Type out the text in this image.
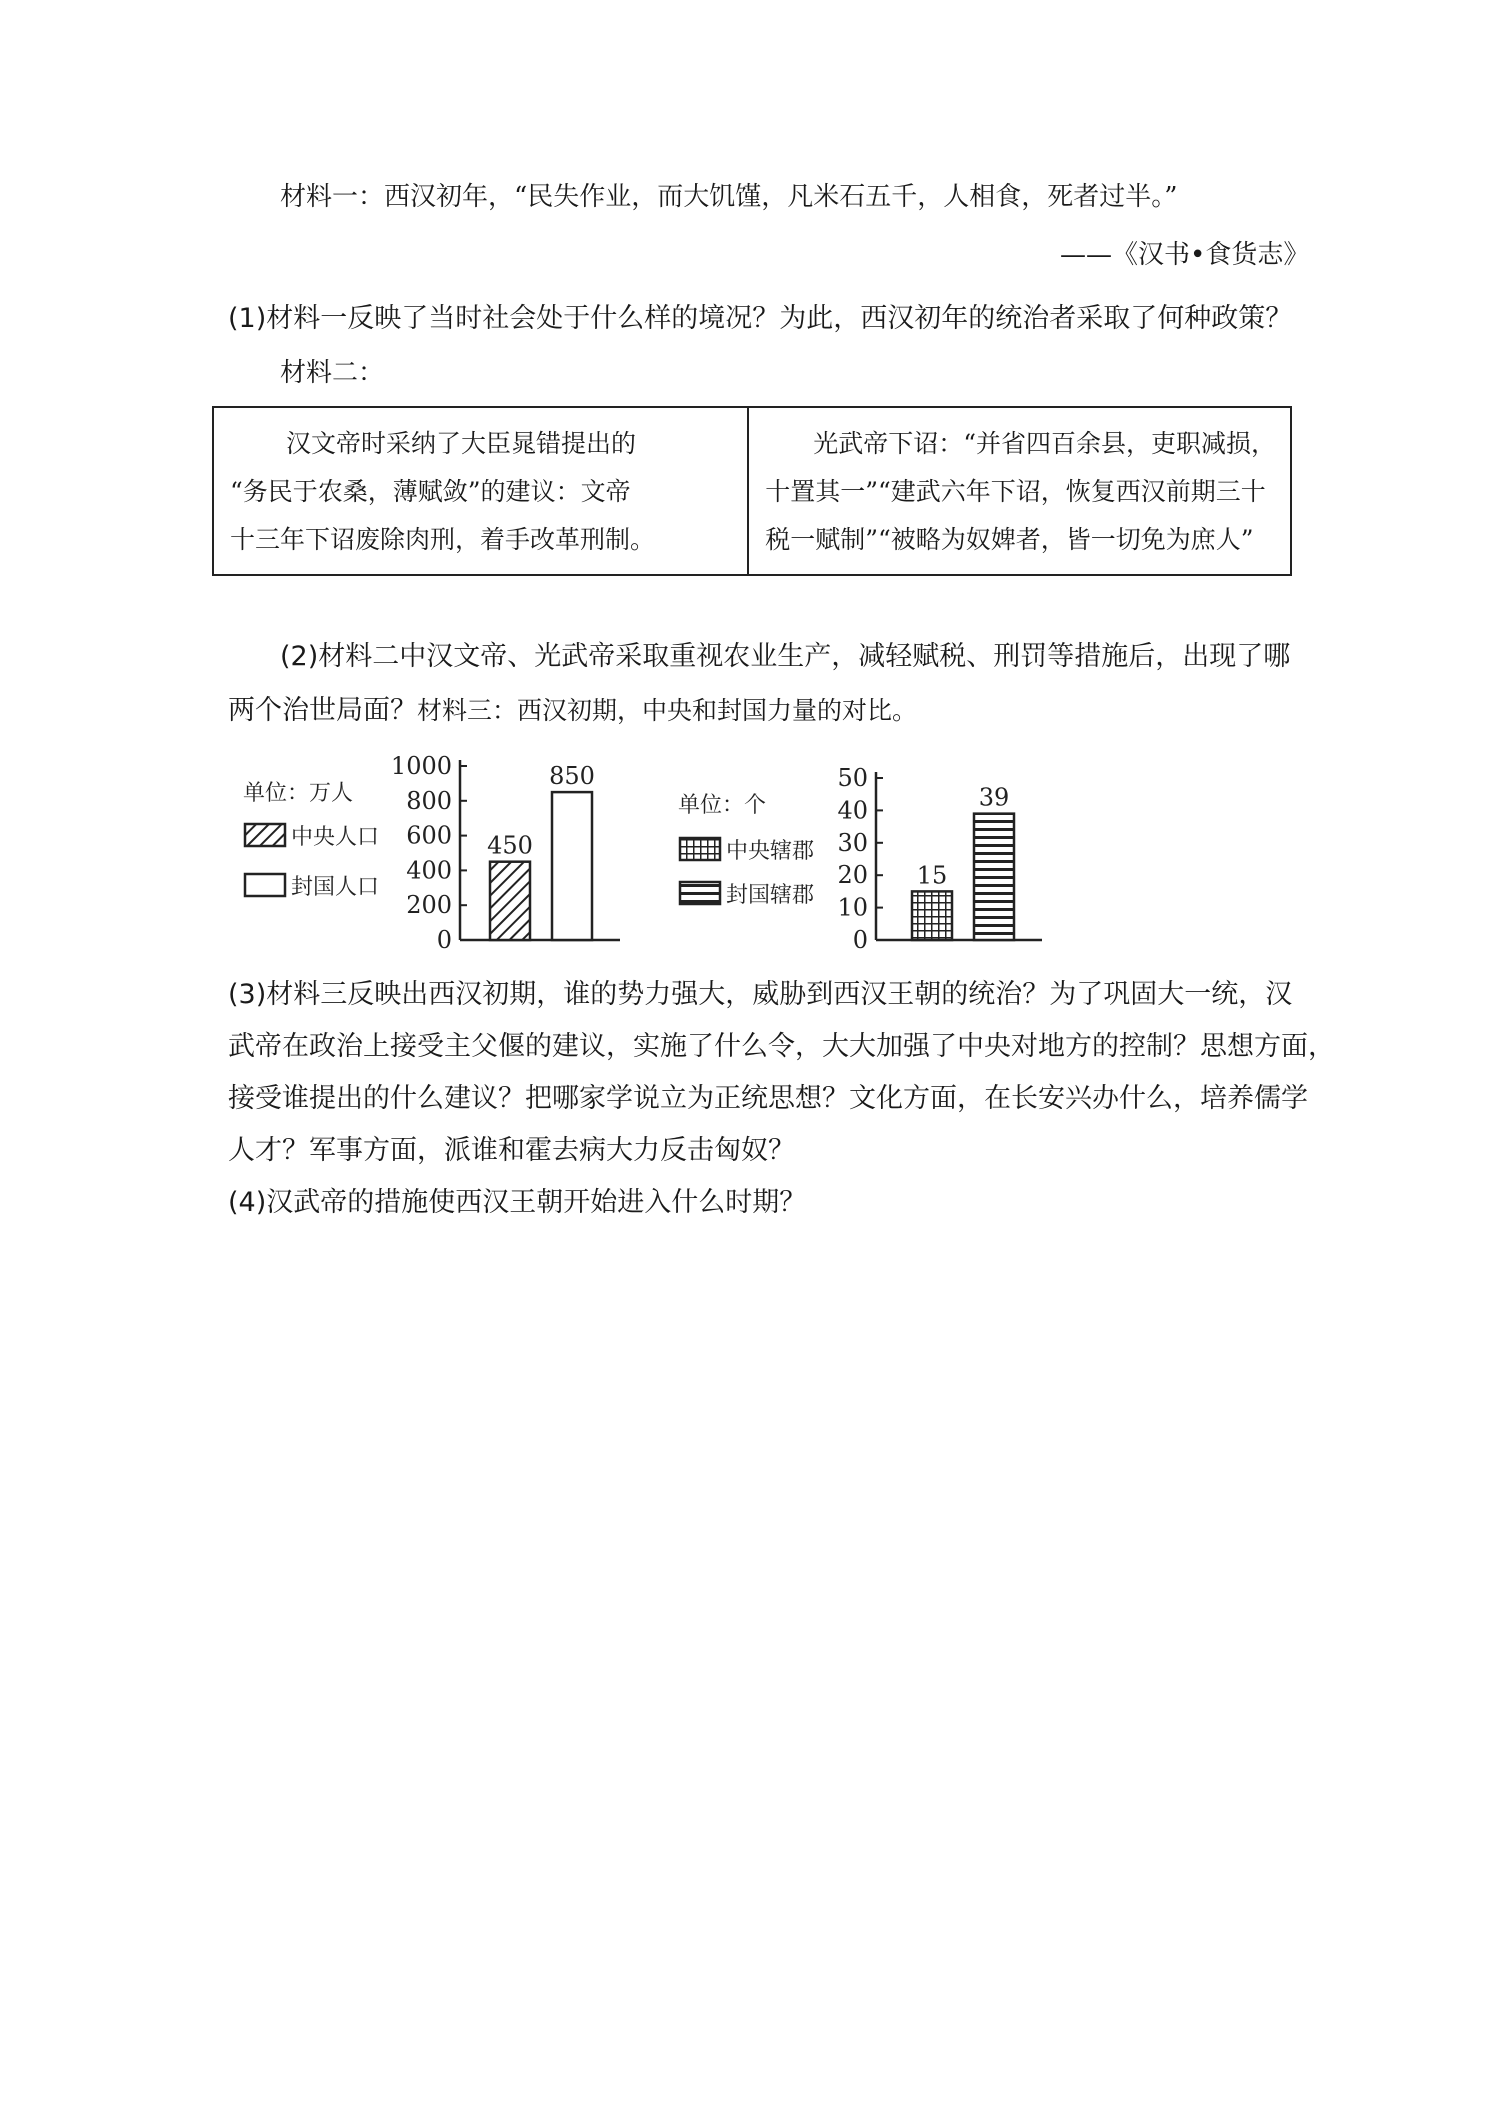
材料一：西汉初年，“民失作业，而大饥馑，凡米石五千，人相食，死者过半。”
——《汉书•食货志》
(1)材料一反映了当时社会处于什么样的境况？为此，西汉初年的统治者采取了何种政策？
材料二：
汉文帝时采纳了大臣晁错提出的
“务民于农桑，薄赋敛”的建议：文帝
十三年下诏废除肉刑，着手改革刑制。

光武帝下诏：“并省四百余县，吏职减损，
十置其一”“建武六年下诏，恢复西汉前期三十
税一赋制”“被略为奴婢者，皆一切免为庶人”
(2)材料二中汉文帝、光武帝采取重视农业生产，减轻赋税、刑罚等措施后，出现了哪
两个治世局面？材料三：西汉初期，中央和封国力量的对比。
0
200
400
600
800
1000
450
850
单位：万人
中央人口
封国人口
0
10
20
30
40
50
15
39
单位：个
中央辖郡
封国辖郡
(3)材料三反映出西汉初期，谁的势力强大，威胁到西汉王朝的统治？为了巩固大一统，汉
武帝在政治上接受主父偃的建议，实施了什么令，大大加强了中央对地方的控制？思想方面，
接受谁提出的什么建议？把哪家学说立为正统思想？文化方面，在长安兴办什么，培养儒学
人才？军事方面，派谁和霍去病大力反击匈奴？
(4)汉武帝的措施使西汉王朝开始进入什么时期？
